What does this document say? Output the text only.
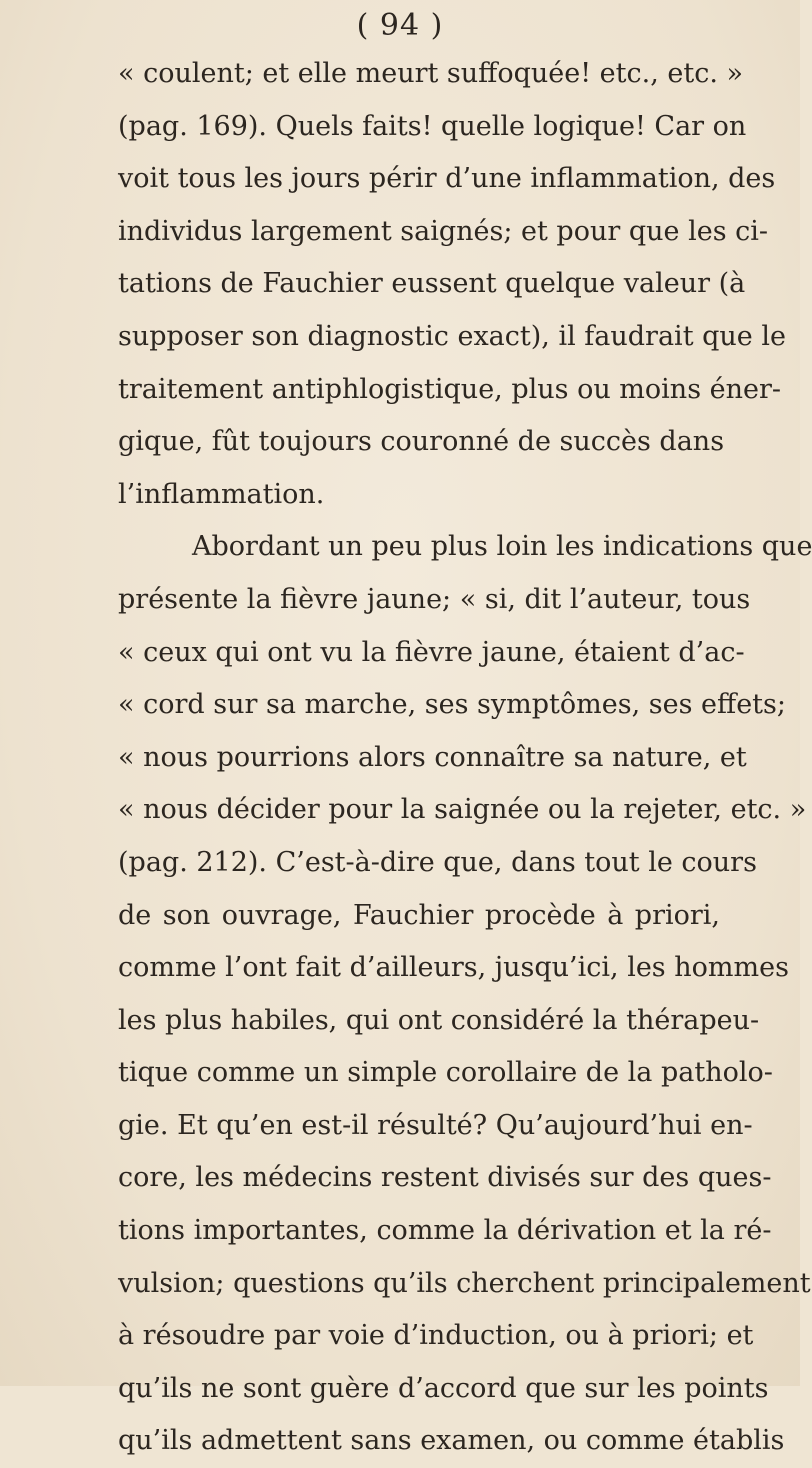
( 94 )
« coulent; et elle meurt suffoquée! etc., etc. »
(pag. 169). Quels faits! quelle logique! Car on
voit tous les jours périr d’une inflammation, des
individus largement saignés; et pour que les ci-
tations de Fauchier eussent quelque valeur (à
supposer son diagnostic exact), il faudrait que le
traitement antiphlogistique, plus ou moins éner-
gique, fût toujours couronné de succès dans
l’inflammation.
Abordant un peu plus loin les indications que
présente la fièvre jaune; « si, dit l’auteur, tous
« ceux qui ont vu la fièvre jaune, étaient d’ac-
« cord sur sa marche, ses symptômes, ses effets;
« nous pourrions alors connaître sa nature, et
« nous décider pour la saignée ou la rejeter, etc. »
(pag. 212). C’est-à-dire que, dans tout le cours
de son ouvrage, Fauchier procède à priori,
comme l’ont fait d’ailleurs, jusqu’ici, les hommes
les plus habiles, qui ont considéré la thérapeu-
tique comme un simple corollaire de la patholo-
gie. Et qu’en est-il résulté? Qu’aujourd’hui en-
core, les médecins restent divisés sur des ques-
tions importantes, comme la dérivation et la ré-
vulsion; questions qu’ils cherchent principalement
à résoudre par voie d’induction, ou à priori; et
qu’ils ne sont guère d’accord que sur les points
qu’ils admettent sans examen, ou comme établis
